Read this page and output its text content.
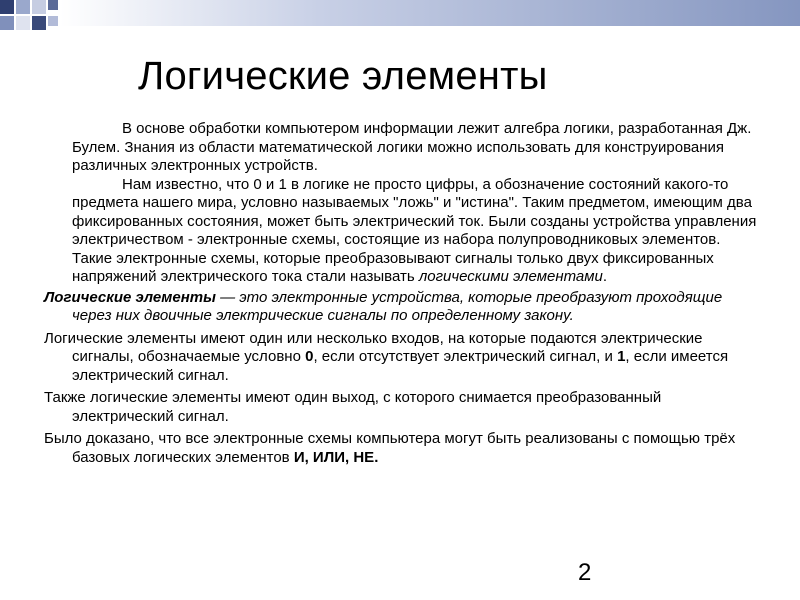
Логические элементы

В основе обработки компьютером информации лежит алгебра логики, разработанная Дж. Булем. Знания из области математической логики можно использовать для конструирования различных электронных устройств.

Нам известно, что 0 и 1 в логике не просто цифры, а обозначение состояний какого-то предмета нашего мира, условно называемых "ложь" и "истина". Таким предметом, имеющим два фиксированных состояния, может быть электрический ток. Были созданы устройства управления электричеством - электронные схемы, состоящие из набора полупроводниковых элементов. Такие электронные схемы, которые преобразовывают сигналы только двух фиксированных напряжений электрического тока стали называть логическими элементами.

Логические элементы — это электронные устройства, которые преобразуют проходящие через них двоичные электрические сигналы по определенному закону.

Логические элементы имеют один или несколько входов, на которые подаются электрические сигналы, обозначаемые условно 0, если отсутствует электрический сигнал, и 1, если имеется электрический сигнал.

Также логические элементы имеют один выход, с которого снимается преобразованный электрический сигнал.

Было доказано, что все электронные схемы компьютера могут быть реализованы с помощью трёх базовых логических элементов И, ИЛИ, НЕ.

2
